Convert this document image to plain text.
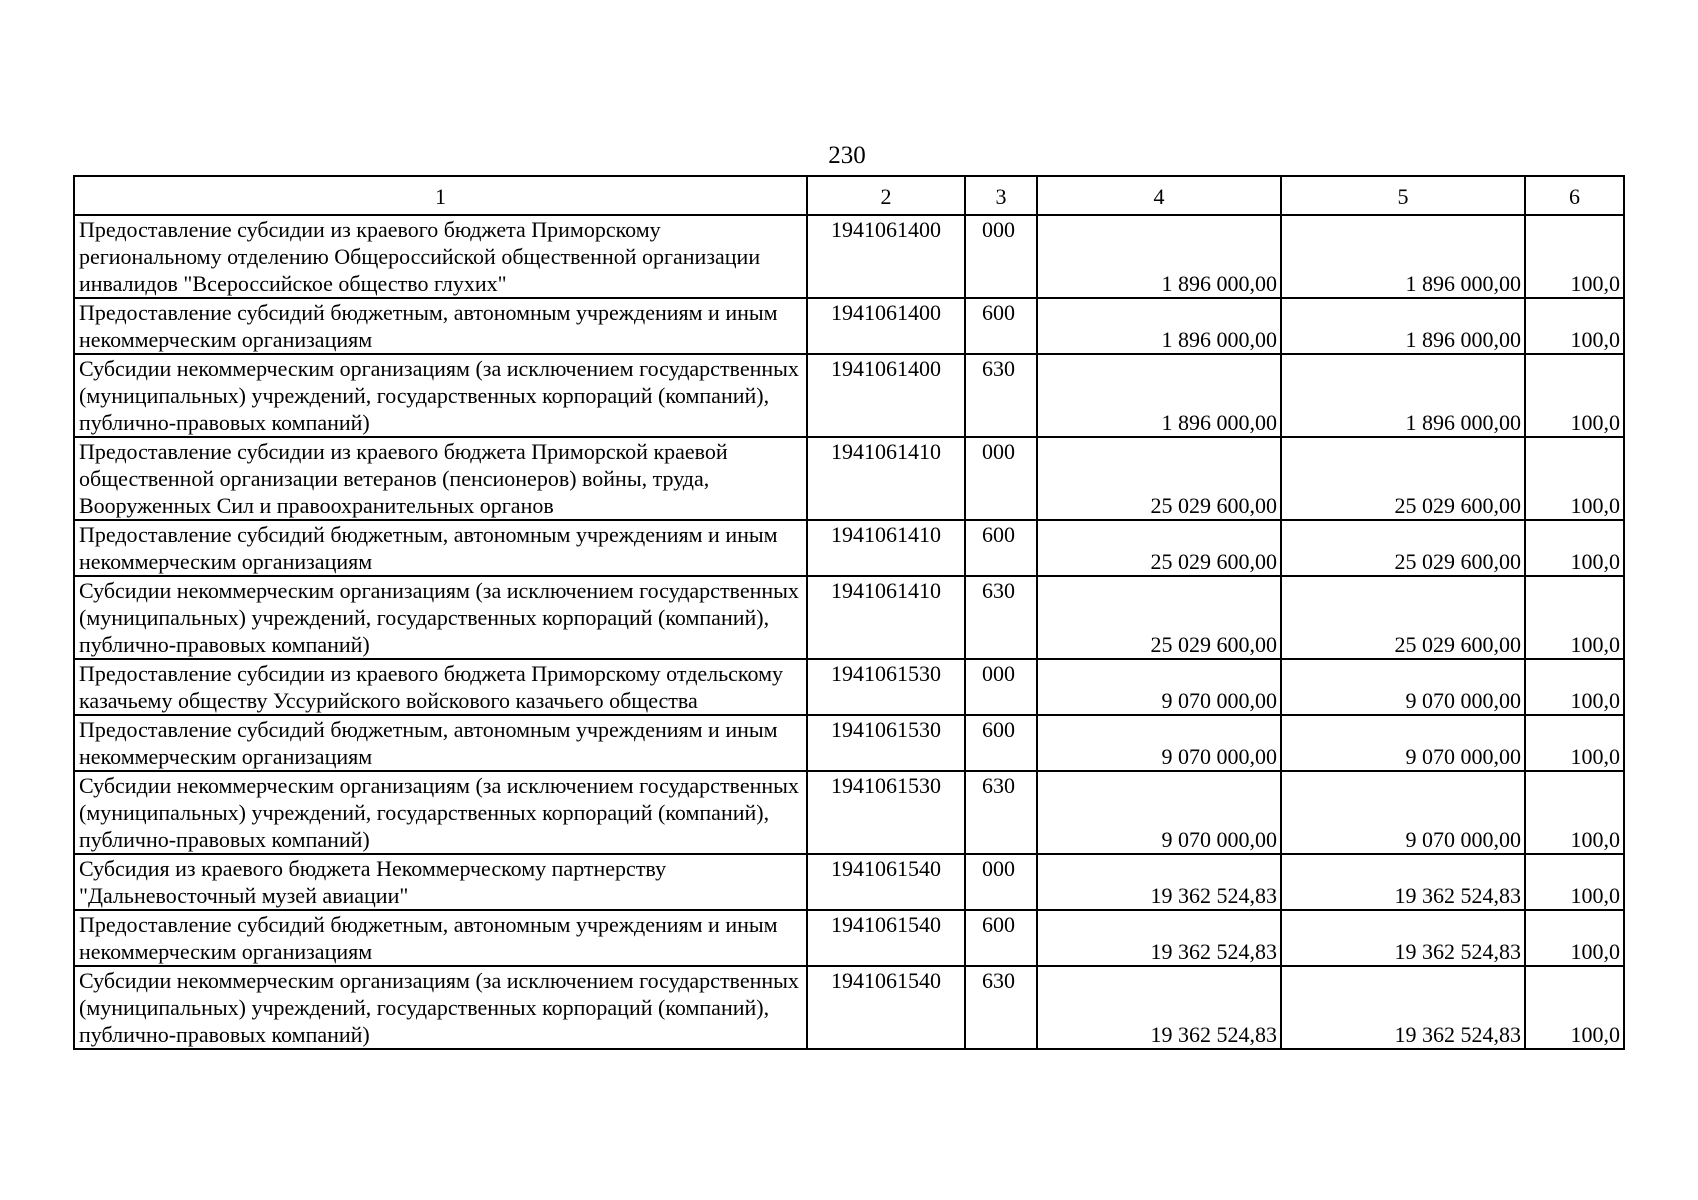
230
1	2	3	4	5	6
Предоставление субсидии из краевого бюджета Приморскому региональному отделению Общероссийской общественной организации инвалидов "Всероссийское общество глухих"	1941061400	000	1 896 000,00	1 896 000,00	100,0
Предоставление субсидий бюджетным, автономным учреждениям и иным некоммерческим организациям	1941061400	600	1 896 000,00	1 896 000,00	100,0
Субсидии некоммерческим организациям (за исключением государственных (муниципальных) учреждений, государственных корпораций (компаний), публично-правовых компаний)	1941061400	630	1 896 000,00	1 896 000,00	100,0
Предоставление субсидии из краевого бюджета Приморской краевой общественной организации ветеранов (пенсионеров) войны, труда, Вооруженных Сил и правоохранительных органов	1941061410	000	25 029 600,00	25 029 600,00	100,0
Предоставление субсидий бюджетным, автономным учреждениям и иным некоммерческим организациям	1941061410	600	25 029 600,00	25 029 600,00	100,0
Субсидии некоммерческим организациям (за исключением государственных (муниципальных) учреждений, государственных корпораций (компаний), публично-правовых компаний)	1941061410	630	25 029 600,00	25 029 600,00	100,0
Предоставление субсидии из краевого бюджета Приморскому отдельскому казачьему обществу Уссурийского войскового казачьего общества	1941061530	000	9 070 000,00	9 070 000,00	100,0
Предоставление субсидий бюджетным, автономным учреждениям и иным некоммерческим организациям	1941061530	600	9 070 000,00	9 070 000,00	100,0
Субсидии некоммерческим организациям (за исключением государственных (муниципальных) учреждений, государственных корпораций (компаний), публично-правовых компаний)	1941061530	630	9 070 000,00	9 070 000,00	100,0
Субсидия из краевого бюджета Некоммерческому партнерству "Дальневосточный музей авиации"	1941061540	000	19 362 524,83	19 362 524,83	100,0
Предоставление субсидий бюджетным, автономным учреждениям и иным некоммерческим организациям	1941061540	600	19 362 524,83	19 362 524,83	100,0
Субсидии некоммерческим организациям (за исключением государственных (муниципальных) учреждений, государственных корпораций (компаний), публично-правовых компаний)	1941061540	630	19 362 524,83	19 362 524,83	100,0
